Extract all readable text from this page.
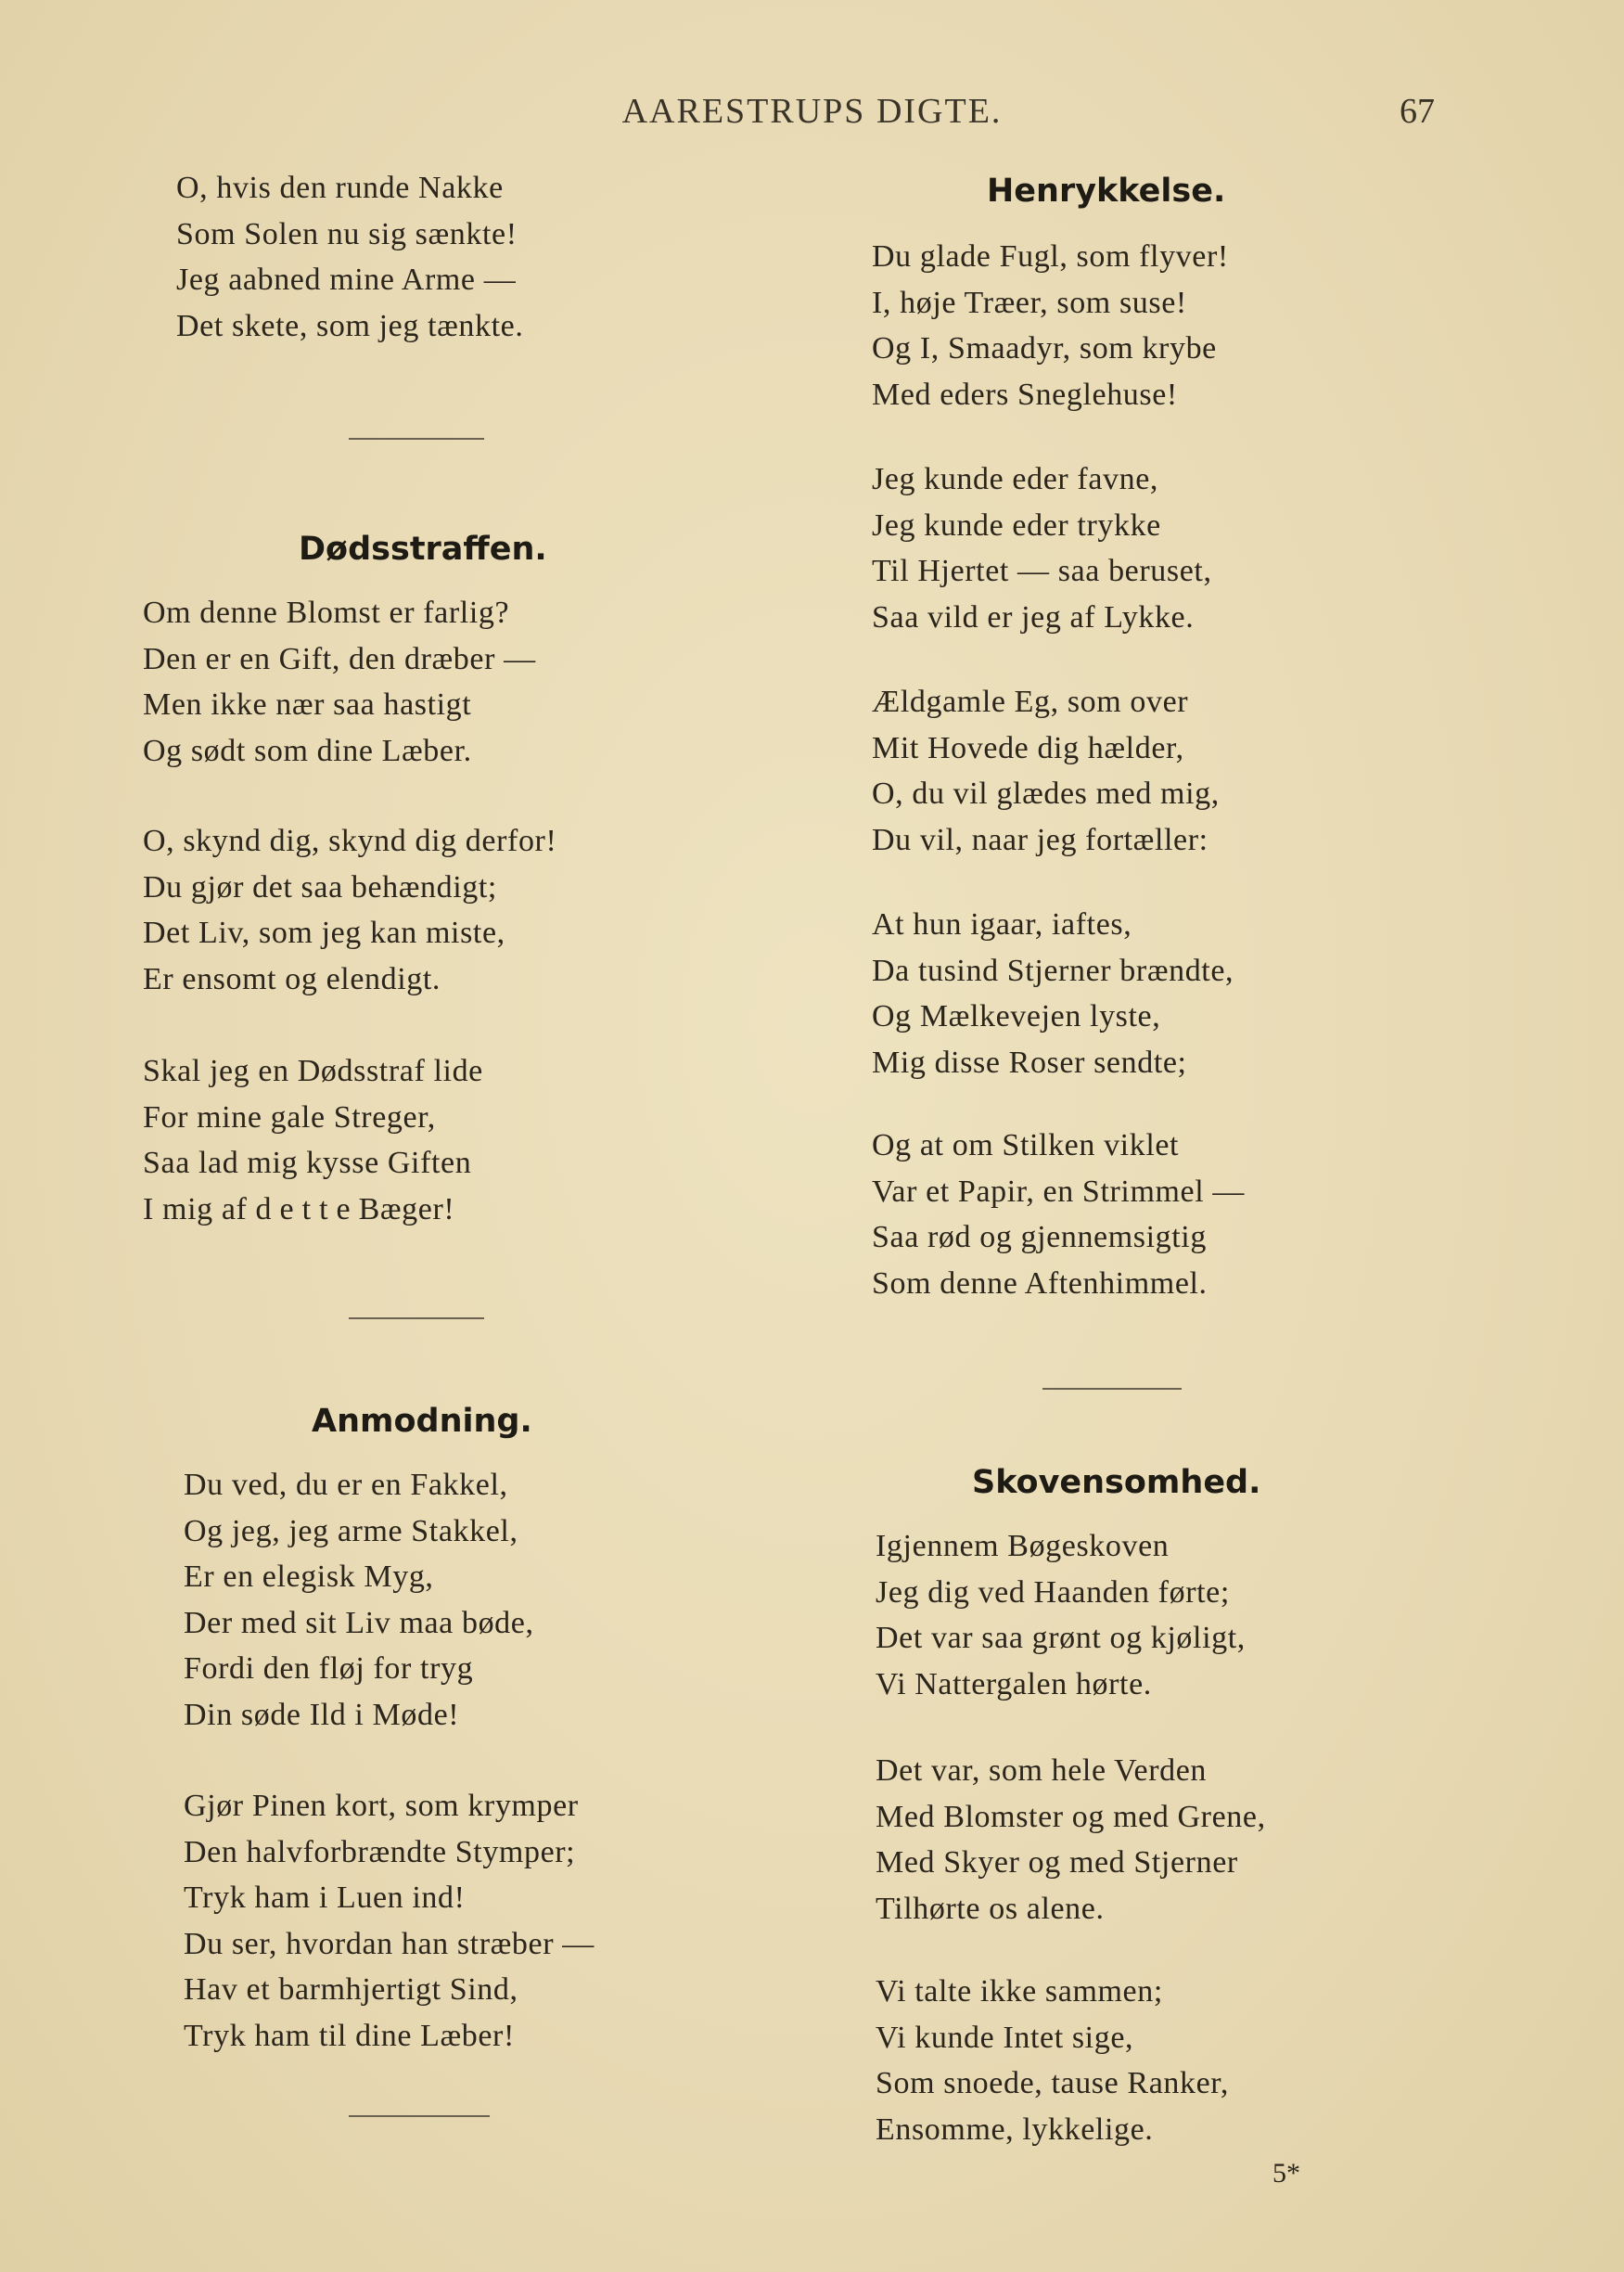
AARESTRUPS DIGTE.	67
O, hvis den runde Nakke
Som Solen nu sig sænkte!
Jeg aabned mine Arme —
Det skete, som jeg tænkte.
Dødsstraffen.
Om denne Blomst er farlig?
Den er en Gift, den dræber —
Men ikke nær saa hastigt
Og sødt som dine Læber.
O, skynd dig, skynd dig derfor!
Du gjør det saa behændigt;
Det Liv, som jeg kan miste,
Er ensomt og elendigt.
Skal jeg en Dødsstraf lide
For mine gale Streger,
Saa lad mig kysse Giften
I mig af detteBæger!
Anmodning.
Du ved, du er en Fakkel,
Og jeg, jeg arme Stakkel,
Er en elegisk Myg,
Der med sit Liv maa bøde,
Fordi den fløj for tryg
Din søde Ild i Møde!
Gjør Pinen kort, som krymper
Den halvforbrændte Stymper;
Tryk ham i Luen ind!
Du ser, hvordan han stræber —
Hav et barmhjertigt Sind,
Tryk ham til dine Læber!
Henrykkelse.
Du glade Fugl, som flyver!
I, høje Træer, som suse!
Og I, Smaadyr, som krybe
Med eders Sneglehuse!
Jeg kunde eder favne,
Jeg kunde eder trykke
Til Hjertet — saa beruset,
Saa vild er jeg af Lykke.
Ældgamle Eg, som over
Mit Hovede dig hælder,
O, du vil glædes med mig,
Du vil, naar jeg fortæller:
At hun igaar, iaftes,
Da tusind Stjerner brændte,
Og Mælkevejen lyste,
Mig disse Roser sendte;
Og at om Stilken viklet
Var et Papir, en Strimmel —
Saa rød og gjennemsigtig
Som denne Aftenhimmel.
Skovensomhed.
Igjennem Bøgeskoven
Jeg dig ved Haanden førte;
Det var saa grønt og kjøligt,
Vi Nattergalen hørte.
Det var, som hele Verden
Med Blomster og med Grene,
Med Skyer og med Stjerner
Tilhørte os alene.
Vi talte ikke sammen;
Vi kunde Intet sige,
Som snoede, tause Ranker,
Ensomme, lykkelige.
5*
